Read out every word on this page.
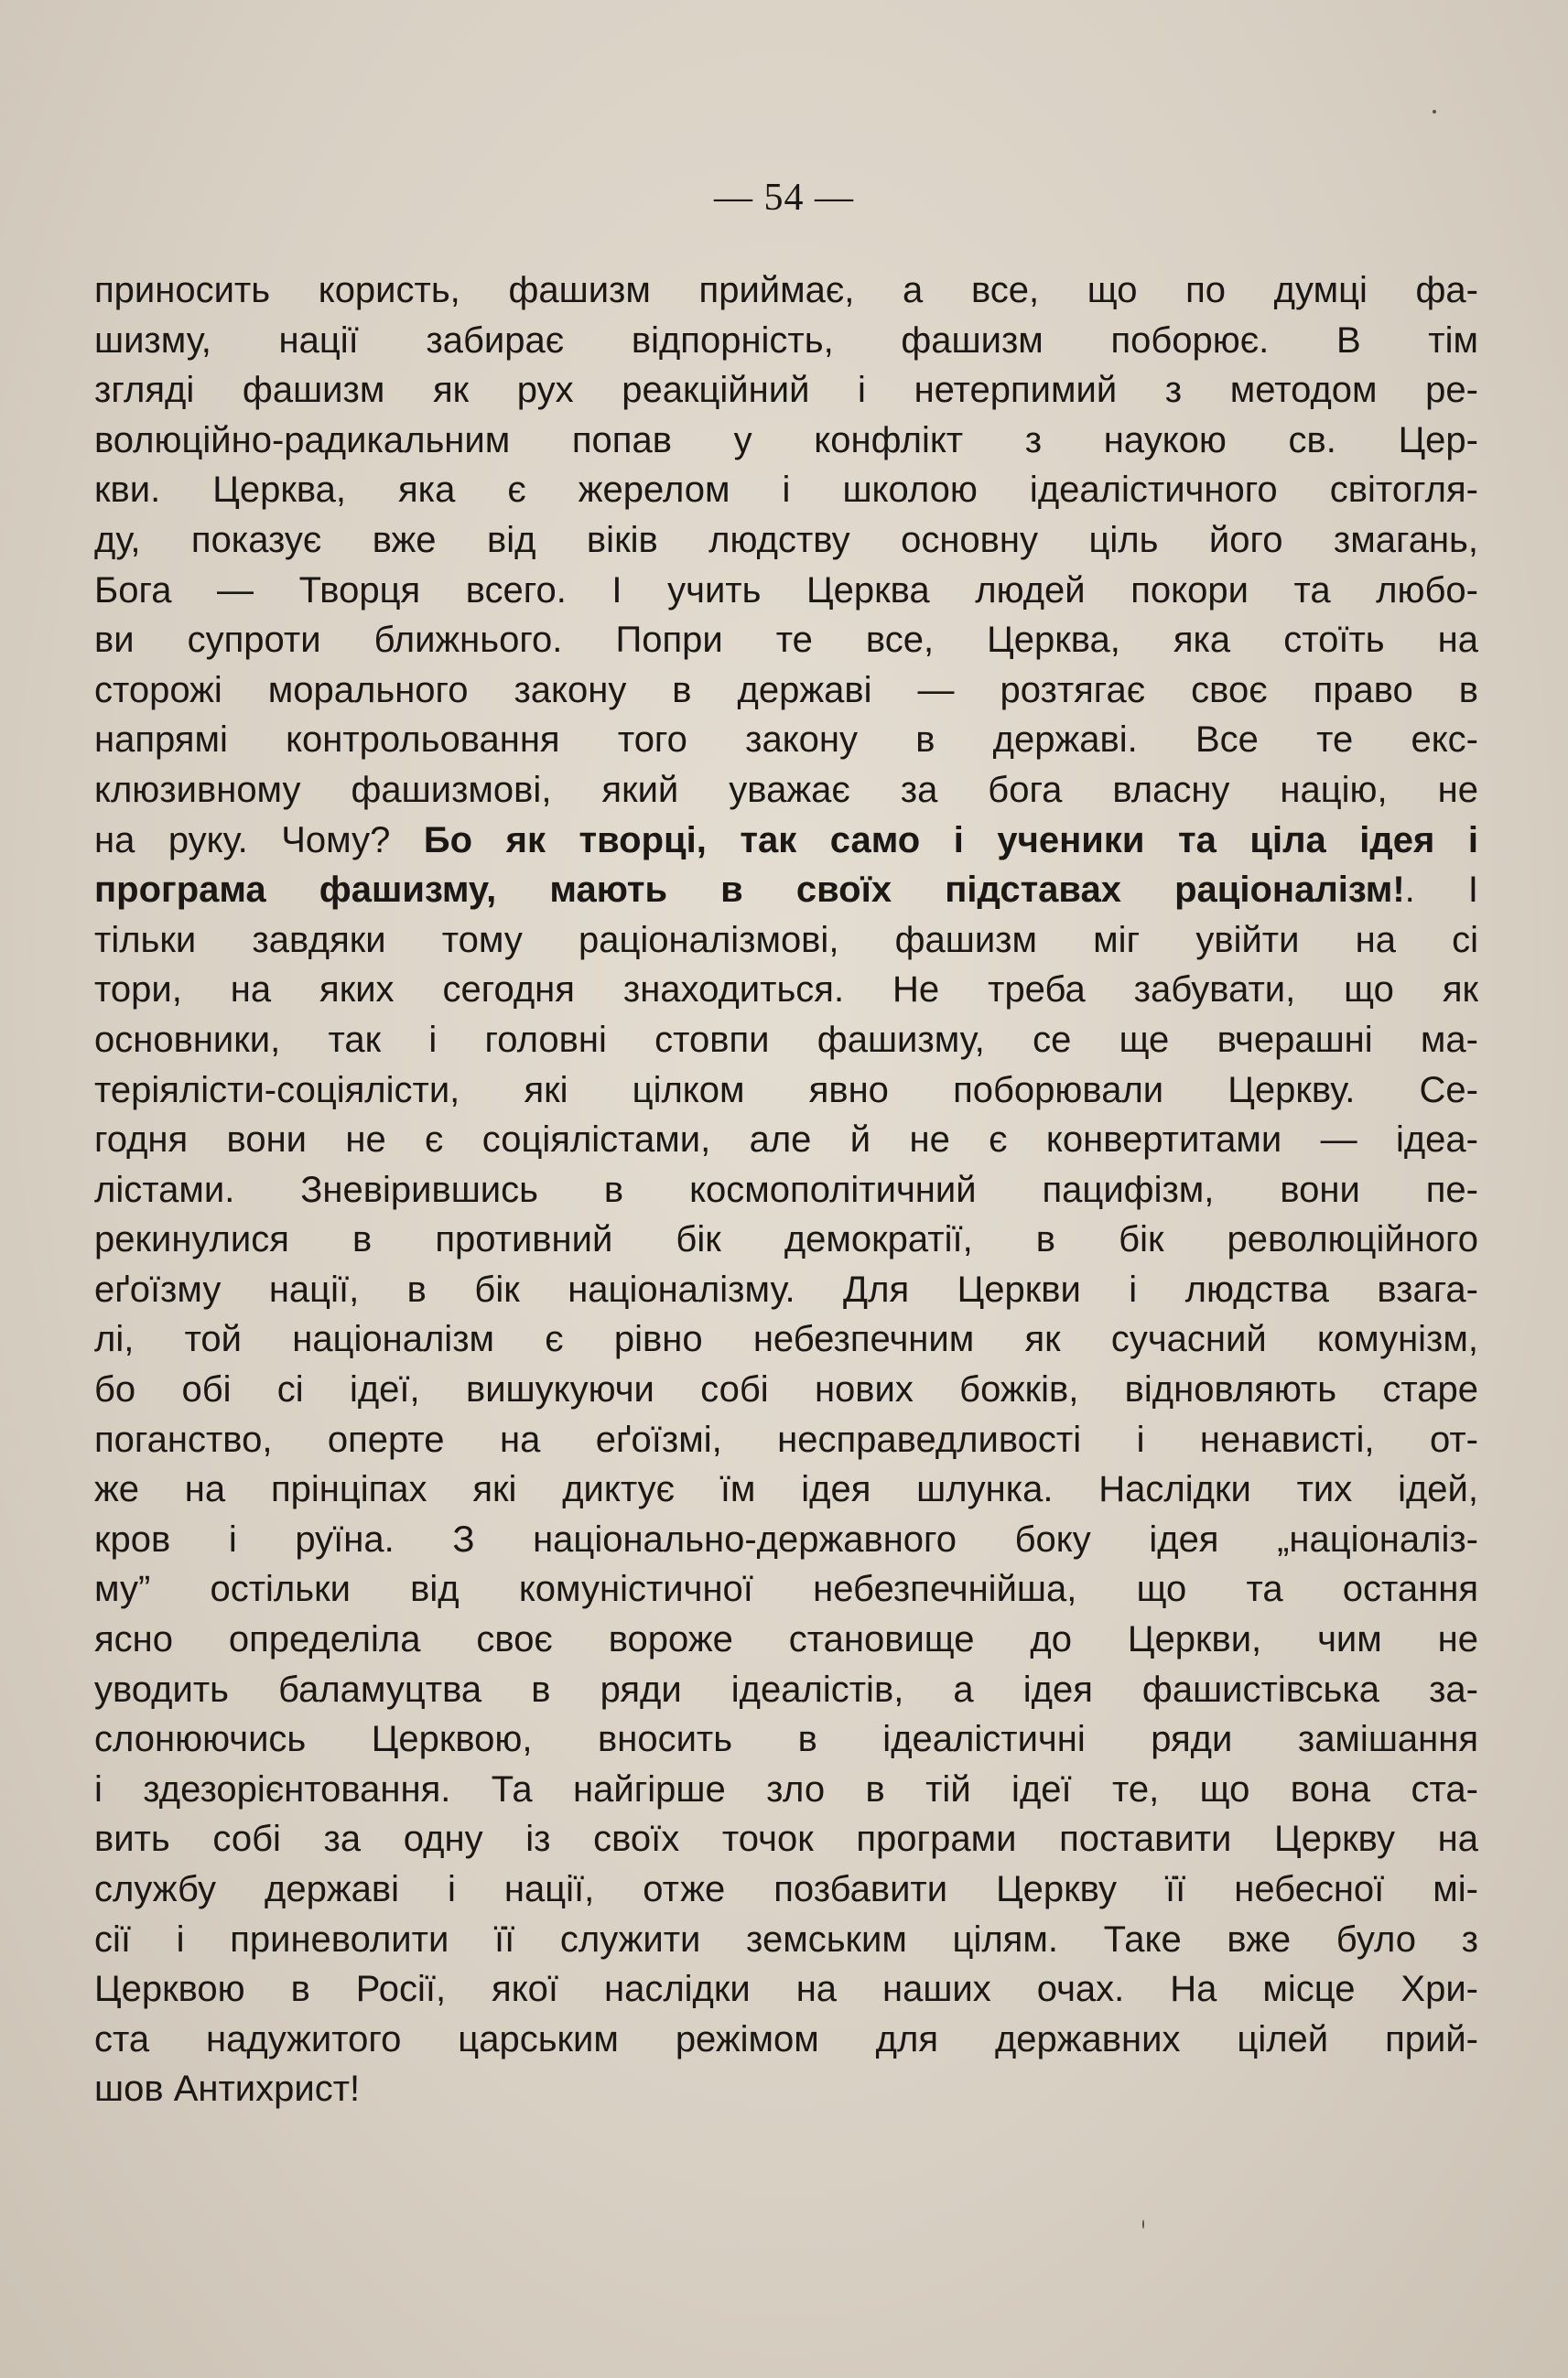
— 54 —
приносить користь, фашизм приймає, а все, що по думці фа-
шизму, нації забирає відпорність, фашизм поборює. В тім
згляді фашизм як рух реакційний і нетерпимий з методом ре-
волюційно-радикальним попав у конфлікт з наукою св. Цер-
кви. Церква, яка є жерелом і школою ідеалістичного світогля-
ду, показує вже від віків людству основну ціль його змагань,
Бога — Творця всего. І учить Церква людей покори та любо-
ви супроти ближнього. Попри те все, Церква, яка стоїть на
сторожі морального закону в державі — розтягає своє право в
напрямі контрольовання того закону в державі. Все те екс-
клюзивному фашизмові, який уважає за бога власну націю, не
на руку. Чому? Бо як творці, так само і ученики та ціла ідея і
програма фашизму, мають в своїх підставах раціоналізм!. І
тільки завдяки тому раціоналізмові, фашизм міг увійти на сі
тори, на яких сегодня знаходиться. Не треба забувати, що як
основники, так і головні стовпи фашизму, се ще вчерашні ма-
теріялісти-соціялісти, які цілком явно поборювали Церкву. Се-
годня вони не є соціялістами, але й не є конвертитами — ідеа-
лістами. Зневірившись в космополітичний пацифізм, вони пе-
рекинулися в противний бік демократії, в бік революційного
еґоїзму нації, в бік націоналізму. Для Церкви і людства взага-
лі, той націоналізм є рівно небезпечним як сучасний комунізм,
бо обі сі ідеї, вишукуючи собі нових божків, відновляють старе
поганство, оперте на еґоїзмі, несправедливості і ненависті, от-
же на прінціпах які диктує їм ідея шлунка. Наслідки тих ідей,
кров і руїна. З національно-державного боку ідея „націоналіз-
му” остільки від комуністичної небезпечнійша, що та остання
ясно определіла своє вороже становище до Церкви, чим не
уводить баламуцтва в ряди ідеалістів, а ідея фашистівська за-
слонюючись Церквою, вносить в ідеалістичні ряди замішання
і здезорієнтовання. Та найгірше зло в тій ідеї те, що вона ста-
вить собі за одну із своїх точок програми поставити Церкву на
службу державі і нації, отже позбавити Церкву її небесної мі-
сії і приневолити її служити земським цілям. Таке вже було з
Церквою в Росії, якої наслідки на наших очах. На місце Хри-
ста надужитого царським режімом для державних цілей прий-
шов Антихрист!
